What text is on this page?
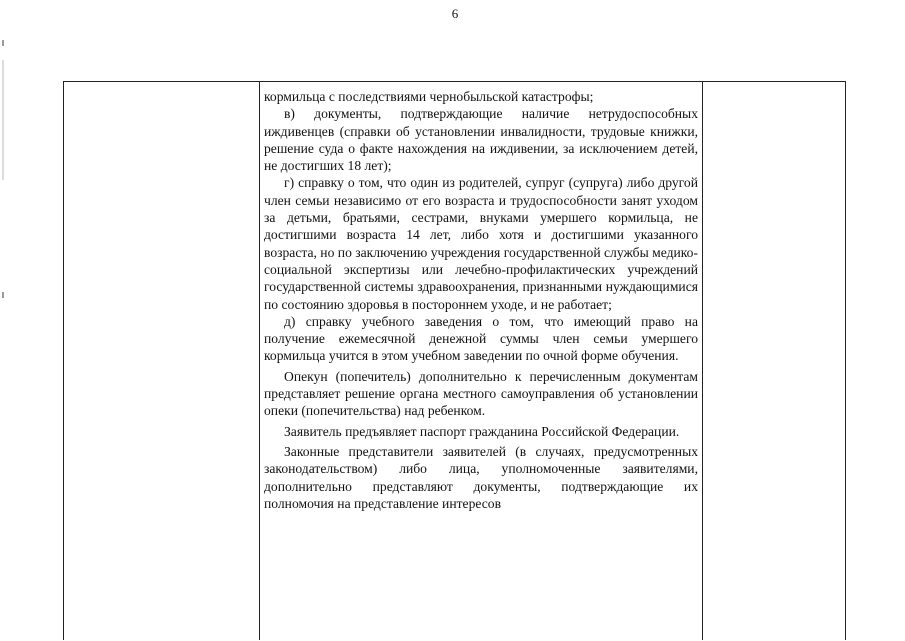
6

кормильца с последствиями чернобыльской катастрофы;

в) документы, подтверждающие наличие нетрудоспособных иждивенцев (справки об установлении инвалидности, трудовые книжки, решение суда о факте нахождения на иждивении, за исключением детей, не достигших 18 лет);

г) справку о том, что один из родителей, супруг (супруга) либо другой член семьи независимо от его возраста и трудоспособности занят уходом за детьми, братьями, сестрами, внуками умершего кормильца, не достигшими возраста 14 лет, либо хотя и достигшими указанного возраста, но по заключению учреждения государственной службы медико-социальной экспертизы или лечебно-профилактических учреждений государственной системы здравоохранения, признанными нуждающимися по состоянию здоровья в постороннем уходе, и не работает;

д) справку учебного заведения о том, что имеющий право на получение ежемесячной денежной суммы член семьи умершего кормильца учится в этом учебном заведении по очной форме обучения.

Опекун (попечитель) дополнительно к перечисленным документам представляет решение органа местного самоуправления об установлении опеки (попечительства) над ребенком.

Заявитель предъявляет паспорт гражданина Российской Федерации.

Законные представители заявителей (в случаях, предусмотренных законодательством) либо лица, уполномоченные заявителями, дополнительно представляют документы, подтверждающие их полномочия на представление интересов
